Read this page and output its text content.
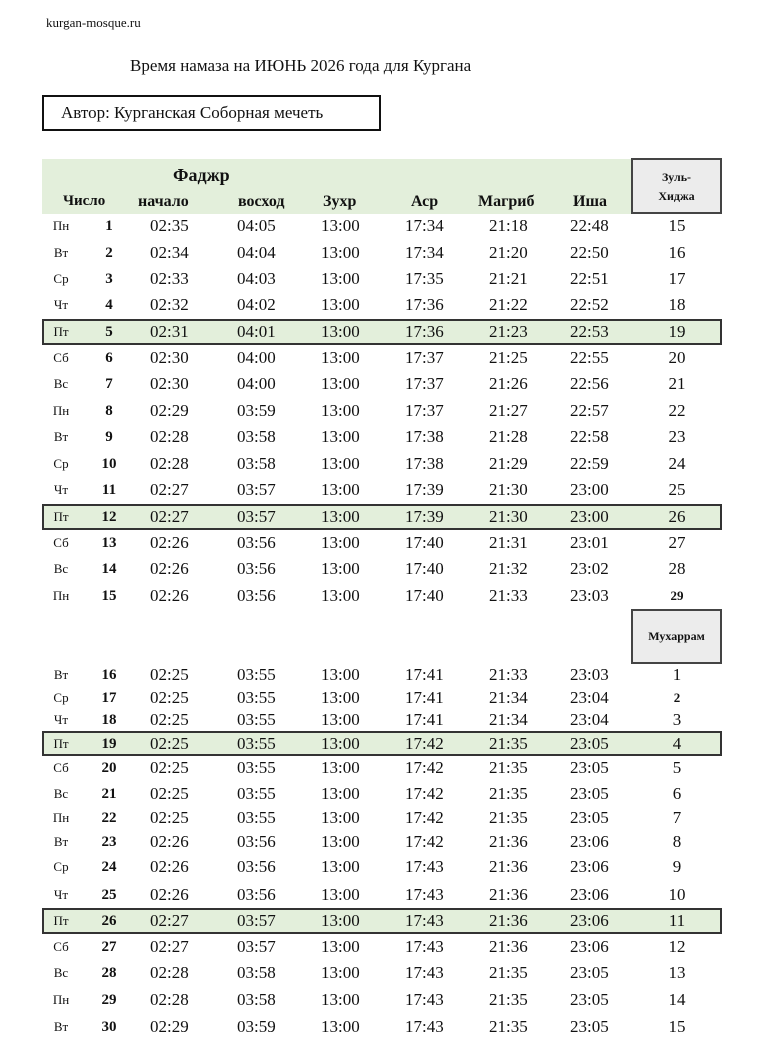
kurgan-mosque.ru
Время намаза на ИЮНЬ 2026 года для Кургана
Автор: Курганская Соборная мечеть
Фаджр
Число начало	восход Зухр	Аср Магриб Иша
Зуль-
Хиджа
Мухаррам
Пн	1	02:35	04:05	13:00	17:34	21:18 22:48	15
Вт	2	02:34	04:04	13:00	17:34	21:20 22:50	16
Ср	3	02:33	04:03	13:00	17:35	21:21 22:51	17
Чт	4	02:32	04:02	13:00	17:36	21:22 22:52	18
Пт	5	02:31	04:01	13:00	17:36	21:23 22:53	19
Сб	6	02:30	04:00	13:00	17:37	21:25 22:55	20
Вс	7	02:30	04:00	13:00	17:37	21:26 22:56	21
Пн	8	02:29	03:59	13:00	17:37	21:27 22:57	22
Вт	9	02:28	03:58	13:00	17:38	21:28 22:58	23
Ср	10	02:28	03:58	13:00	17:38	21:29 22:59	24
Чт	11	02:27	03:57	13:00	17:39	21:30 23:00	25
Пт	12	02:27	03:57	13:00	17:39	21:30 23:00	26
Сб	13	02:26	03:56	13:00	17:40	21:31 23:01	27
Вс	14	02:26	03:56	13:00	17:40	21:32 23:02	28
Пн	15	02:26	03:56	13:00	17:40	21:33 23:03	29
Вт	16	02:25	03:55	13:00	17:41	21:33 23:03	1
Ср	17	02:25	03:55	13:00	17:41	21:34 23:04	2
Чт	18	02:25	03:55	13:00	17:41	21:34 23:04	3
Пт	19	02:25	03:55	13:00	17:42	21:35 23:05	4
Сб	20	02:25	03:55	13:00	17:42	21:35 23:05	5
Вс	21	02:25	03:55	13:00	17:42	21:35 23:05	6
Пн	22	02:25	03:55	13:00	17:42	21:35 23:05	7
Вт	23	02:26	03:56	13:00	17:42	21:36 23:06	8
Ср	24	02:26	03:56	13:00	17:43	21:36 23:06	9
Чт	25	02:26	03:56	13:00	17:43	21:36 23:06	10
Пт	26	02:27	03:57	13:00	17:43	21:36 23:06	11
Сб	27	02:27	03:57	13:00	17:43	21:36 23:06	12
Вс	28	02:28	03:58	13:00	17:43	21:35 23:05	13
Пн	29	02:28	03:58	13:00	17:43	21:35 23:05	14
Вт	30	02:29	03:59	13:00	17:43	21:35 23:05	15
